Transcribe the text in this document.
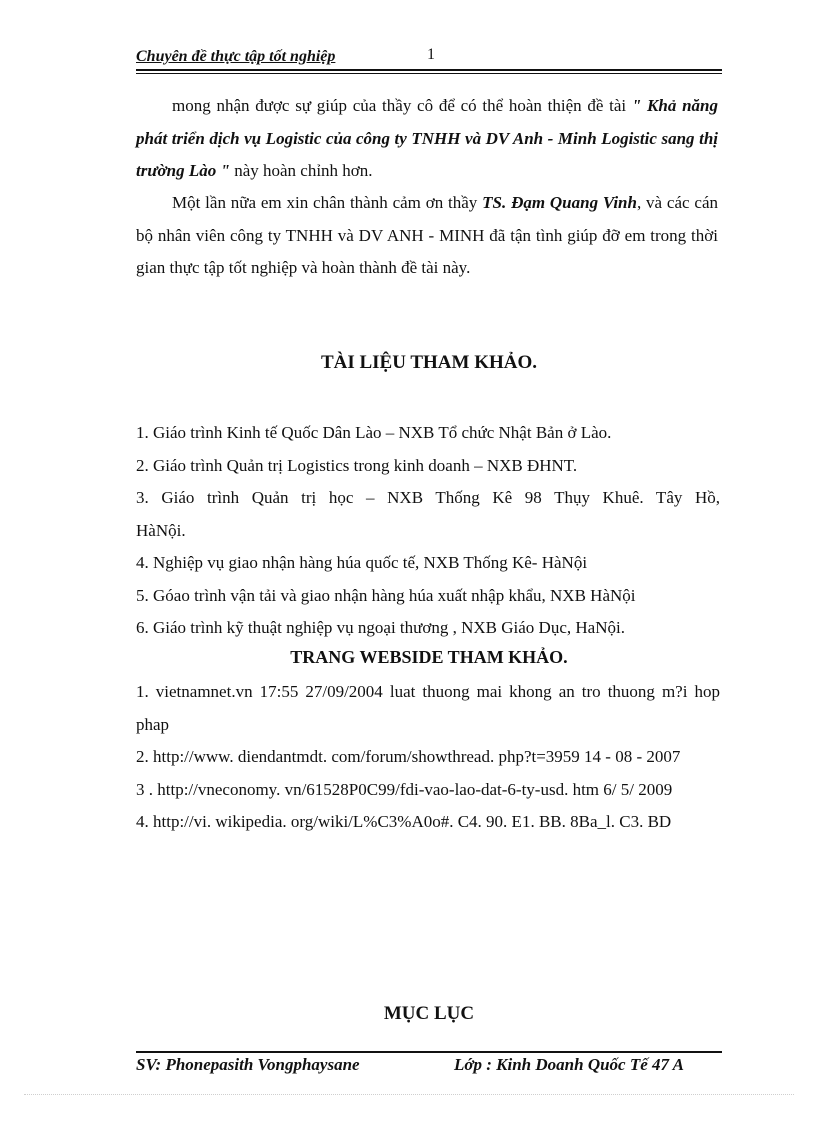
Chuyên đề thực tập tốt nghiệp	1
mong nhận được sự giúp của thầy cô để có thể hoàn thiện đề tài " Khả năng phát triển dịch vụ Logistic của công ty TNHH và DV Anh - Minh Logistic sang thị trường Lào " này hoàn chỉnh hơn.
Một lần nữa em xin chân thành cảm ơn thầy TS. Đạm Quang Vinh, và các cán bộ nhân viên công ty TNHH và DV ANH - MINH đã tận tình giúp đỡ em trong thời gian thực tập tốt nghiệp và hoàn thành đề tài này.
TÀI LIỆU THAM KHẢO.
1. Giáo trình Kinh tế Quốc Dân Lào – NXB Tổ chức Nhật Bản ở Lào.
2. Giáo trình Quản trị Logistics trong kinh doanh – NXB ĐHNT.
3. Giáo trình Quản trị học – NXB Thống Kê 98 Thụy Khuê. Tây Hồ, HàNội.
4. Nghiệp vụ giao nhận hàng húa quốc tế, NXB Thống Kê- HàNội
5. Góao trình vận tải và giao nhận hàng húa xuất nhập khẩu, NXB HàNội
6. Giáo trình kỹ thuật nghiệp vụ ngoại thương , NXB Giáo Dục, HaNội.
TRANG WEBSIDE THAM KHẢO.
1. vietnamnet.vn 17:55 27/09/2004 luat thuong mai khong an tro thuong m?i hop phap
2. http://www. diendantmdt. com/forum/showthread. php?t=3959 14 - 08 - 2007
3 . http://vneconomy. vn/61528P0C99/fdi-vao-lao-dat-6-ty-usd. htm 6/ 5/ 2009
4. http://vi. wikipedia. org/wiki/L%C3%A0o#. C4. 90. E1. BB. 8Ba_l. C3. BD
MỤC LỤC
SV: Phonepasith Vongphaysane	Lớp : Kinh Doanh Quốc Tế 47 A
